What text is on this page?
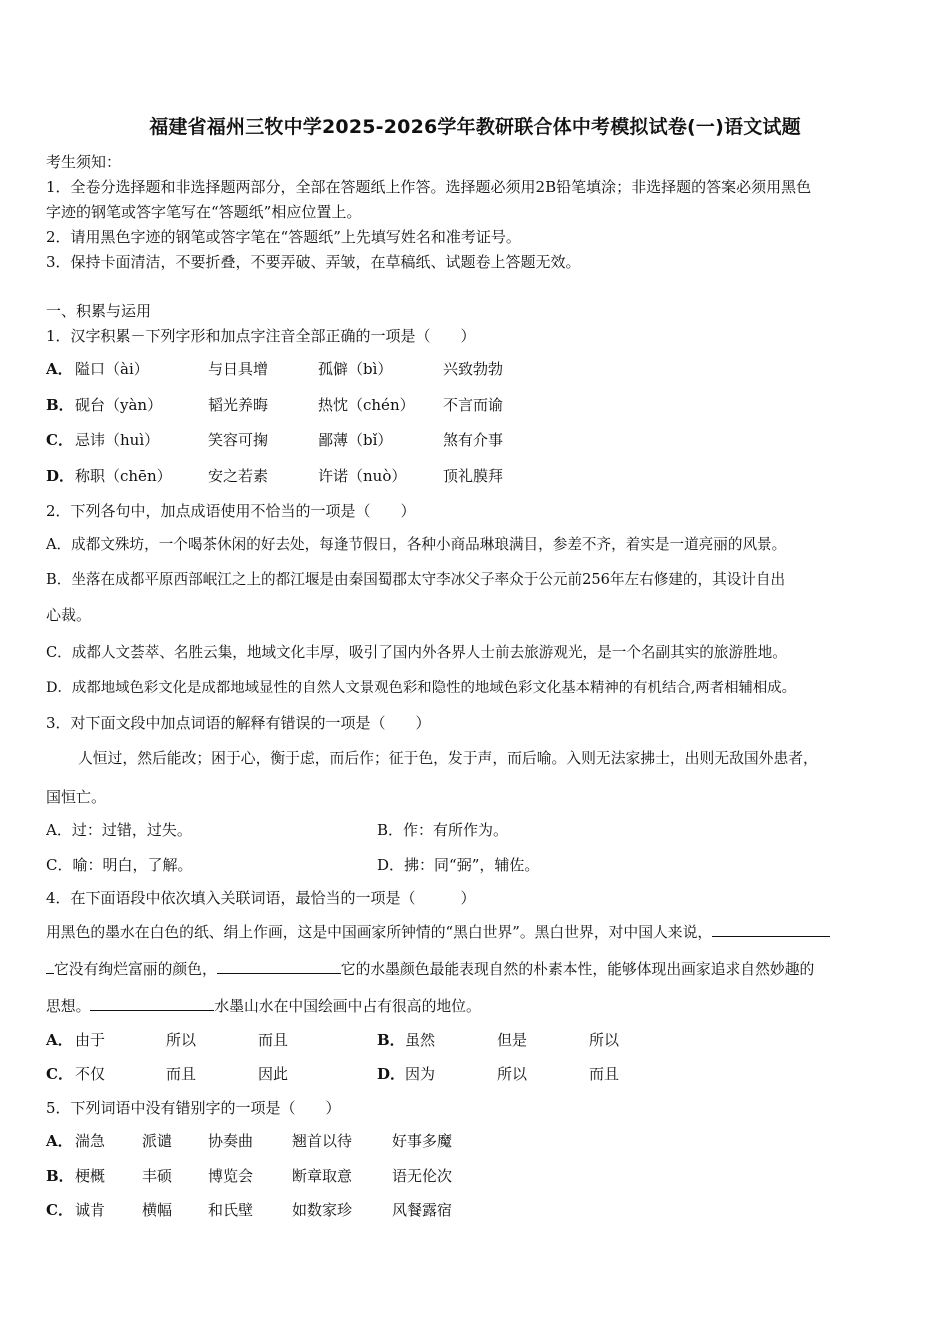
福建省福州三牧中学2025-2026学年教研联合体中考模拟试卷(一)语文试题
考生须知：
1．全卷分选择题和非选择题两部分，全部在答题纸上作答。选择题必须用2B铅笔填涂；非选择题的答案必须用黑色
字迹的钢笔或答字笔写在“答题纸”相应位置上。
2．请用黑色字迹的钢笔或答字笔在“答题纸”上先填写姓名和准考证号。
3．保持卡面清洁，不要折叠，不要弄破、弄皱，在草稿纸、试题卷上答题无效。
一、积累与运用
1．汉字积累－下列字形和加点字注音全部正确的一项是（　　）
A． 隘口（ài）	与日具增	孤僻（bì）	兴致勃勃
B． 砚台（yàn）	韬光养晦	热忱（chén） 不言而谕
C． 忌讳（huì）	笑容可掬	鄙薄（bǐ）	煞有介事
D． 称职（chēn） 安之若素	许诺（nuò） 顶礼膜拜
2．下列各句中，加点成语使用不恰当的一项是（　　）
A．成都文殊坊，一个喝茶休闲的好去处，每逢节假日，各种小商品琳琅满目，参差不齐，着实是一道亮丽的风景。
B．坐落在成都平原西部岷江之上的都江堰是由秦国蜀郡太守李冰父子率众于公元前256年左右修建的，其设计自出
心裁。
C．成都人文荟萃、名胜云集，地域文化丰厚，吸引了国内外各界人士前去旅游观光，是一个名副其实的旅游胜地。
D．成都地域色彩文化是成都地域显性的自然人文景观色彩和隐性的地域色彩文化基本精神的有机结合,两者相辅相成。
3．对下面文段中加点词语的解释有错误的一项是（　　）
人恒过，然后能改；困于心，衡于虑，而后作；征于色，发于声，而后喻。入则无法家拂士，出则无敌国外患者，
国恒亡。
A．过：过错，过失。	B．作：有所作为。
C．喻：明白，了解。	D．拂：同“弼”，辅佐。
4．在下面语段中依次填入关联词语，最恰当的一项是（　　　）
用黑色的墨水在白色的纸、绢上作画，这是中国画家所钟情的“黑白世界”。黑白世界，对中国人来说，
它没有绚烂富丽的颜色，	它的水墨颜色最能表现自然的朴素本性，能够体现出画家追求自然妙趣的
思想。	水墨山水在中国绘画中占有很高的地位。
A． 由于	所以	而且	B． 虽然	但是	所以
C． 不仅	而且	因此	D． 因为	所以	而且
5．下列词语中没有错别字的一项是（　　）
A． 湍急 派谴 协奏曲	翘首以待	好事多魔
B． 梗概 丰硕 博览会	断章取意	语无伦次
C． 诚肯 横幅 和氏壁	如数家珍	风餐露宿
